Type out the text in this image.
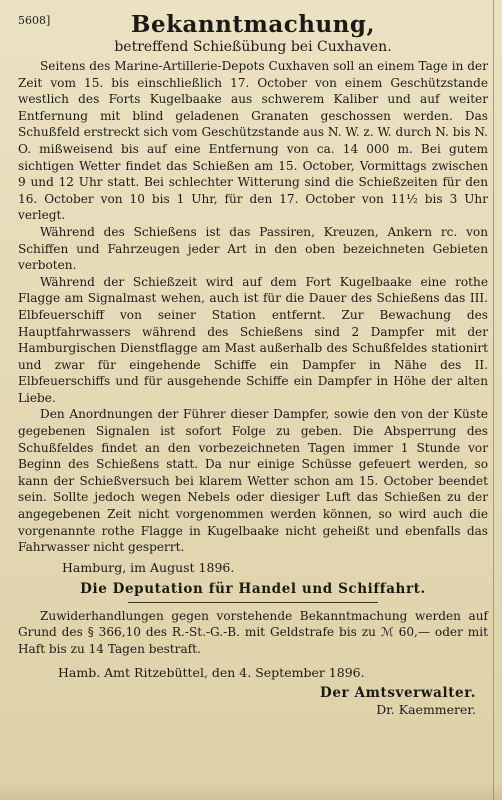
5608]	Bekanntmachung,
betreffend Schießübung bei Cuxhaven.

Seitens des Marine-Artillerie-Depots Cuxhaven soll an einem Tage in der Zeit vom 15. bis einschließlich 17. October von einem Geschützstande westlich des Forts Kugelbaake aus schwerem Kaliber und auf weiter Entfernung mit blind geladenen Granaten geschossen werden. Das Schußfeld erstreckt sich vom Geschützstande aus N. W. z. W. durch N. bis N. O. mißweisend bis auf eine Entfernung von ca. 14 000 m. Bei gutem sichtigen Wetter findet das Schießen am 15. October, Vormittags zwischen 9 und 12 Uhr statt. Bei schlechter Witterung sind die Schießzeiten für den 16. October von 10 bis 1 Uhr, für den 17. October von 11½ bis 3 Uhr verlegt.

Während des Schießens ist das Passiren, Kreuzen, Ankern rc. von Schiffen und Fahrzeugen jeder Art in den oben bezeichneten Gebieten verboten.

Während der Schießzeit wird auf dem Fort Kugelbaake eine rothe Flagge am Signalmast wehen, auch ist für die Dauer des Schießens das III. Elbfeuerschiff von seiner Station entfernt. Zur Bewachung des Hauptfahrwassers während des Schießens sind 2 Dampfer mit der Hamburgischen Dienstflagge am Mast außerhalb des Schußfeldes stationirt und zwar für eingehende Schiffe ein Dampfer in Nähe des II. Elbfeuerschiffs und für ausgehende Schiffe ein Dampfer in Höhe der alten Liebe.

Den Anordnungen der Führer dieser Dampfer, sowie den von der Küste gegebenen Signalen ist sofort Folge zu geben. Die Absperrung des Schußfeldes findet an den vorbezeichneten Tagen immer 1 Stunde vor Beginn des Schießens statt. Da nur einige Schüsse gefeuert werden, so kann der Schießversuch bei klarem Wetter schon am 15. October beendet sein. Sollte jedoch wegen Nebels oder diesiger Luft das Schießen zu der angegebenen Zeit nicht vorgenommen werden können, so wird auch die vorgenannte rothe Flagge in Kugelbaake nicht geheißt und ebenfalls das Fahrwasser nicht gesperrt.

Hamburg, im August 1896.
Die Deputation für Handel und Schiffahrt.

Zuwiderhandlungen gegen vorstehende Bekanntmachung werden auf Grund des § 366,10 des R.-St.-G.-B. mit Geldstrafe bis zu ℳ 60,— oder mit Haft bis zu 14 Tagen bestraft.

Hamb. Amt Ritzebüttel, den 4. September 1896.
Der Amtsverwalter.
Dr. Kaemmerer.
